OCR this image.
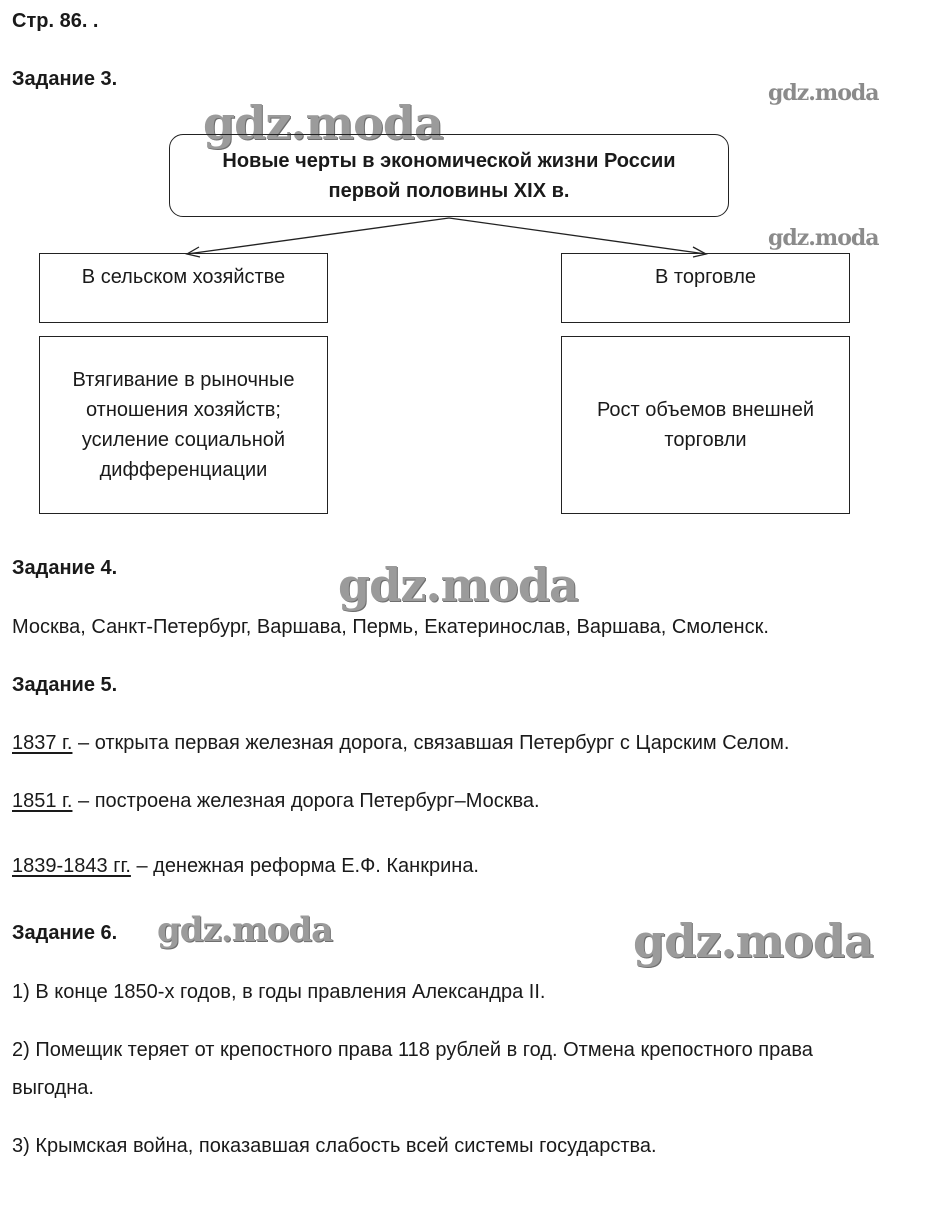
Стр. 86. .
Задание 3.
gdz.moda
gdz.moda
gdz.moda
Новые черты в экономической жизни России
первой половины XIX в.
В сельском хозяйстве	В торговле
Втягивание в рыночные
отношения хозяйств;
усиление социальной
дифференциации
Рост объемов внешней
торговли
Задание 4.	gdz.moda
Москва, Санкт-Петербург, Варшава, Пермь, Екатеринослав, Варшава, Смоленск.
Задание 5.
1837 г. – открыта первая железная дорога, связавшая Петербург с Царским Селом.
1851 г. – построена железная дорога Петербург–Москва.
1839-1843 гг. – денежная реформа Е.Ф. Канкрина.
Задание 6. gdz.moda	gdz.moda
1) В конце 1850-х годов, в годы правления Александра II.
2) Помещик теряет от крепостного права 118 рублей в год. Отмена крепостного права
выгодна.
3) Крымская война, показавшая слабость всей системы государства.
